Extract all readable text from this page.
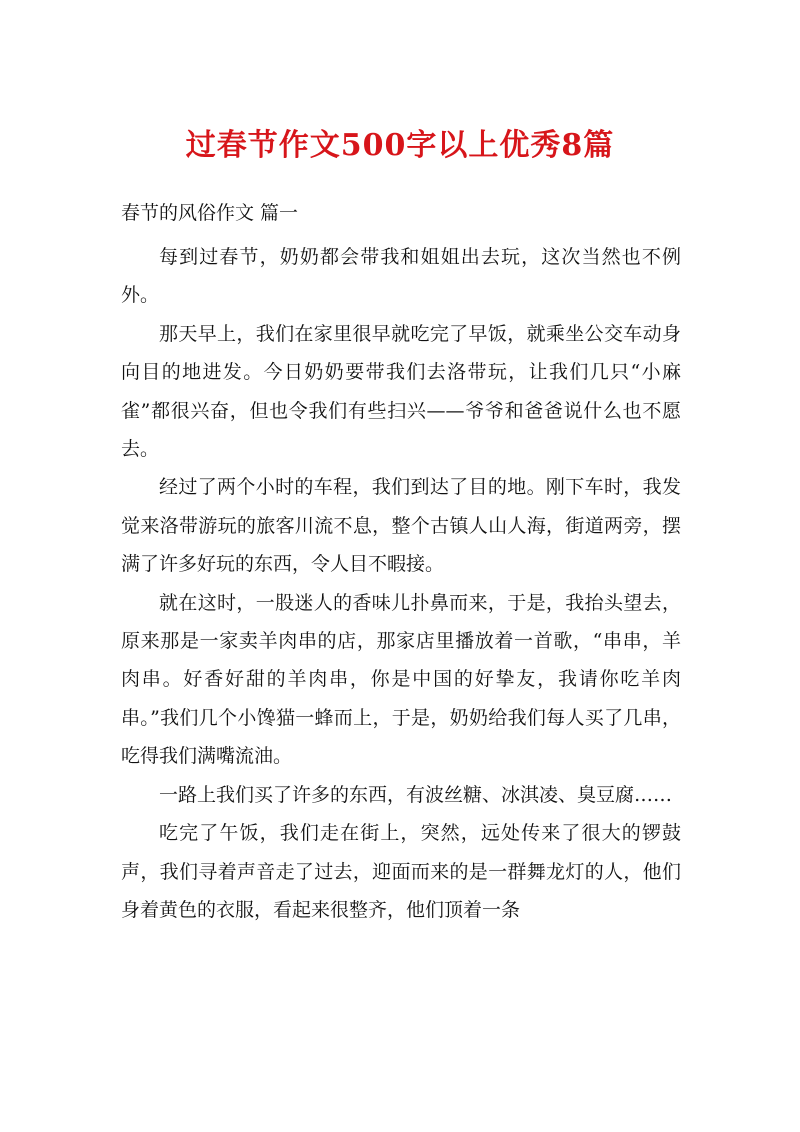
过春节作文500字以上优秀8篇

春节的风俗作文 篇一

每到过春节，奶奶都会带我和姐姐出去玩，这次当然也不例外。

那天早上，我们在家里很早就吃完了早饭，就乘坐公交车动身向目的地进发。今日奶奶要带我们去洛带玩，让我们几只“小麻雀”都很兴奋，但也令我们有些扫兴——爷爷和爸爸说什么也不愿去。

经过了两个小时的车程，我们到达了目的地。刚下车时，我发觉来洛带游玩的旅客川流不息，整个古镇人山人海，街道两旁，摆满了许多好玩的东西，令人目不暇接。

就在这时，一股迷人的香味儿扑鼻而来，于是，我抬头望去，原来那是一家卖羊肉串的店，那家店里播放着一首歌，“串串，羊肉串。好香好甜的羊肉串，你是中国的好挚友，我请你吃羊肉串。”我们几个小馋猫一蜂而上，于是，奶奶给我们每人买了几串，吃得我们满嘴流油。

一路上我们买了许多的东西，有波丝糖、冰淇凌、臭豆腐……

吃完了午饭，我们走在街上，突然，远处传来了很大的锣鼓声，我们寻着声音走了过去，迎面而来的是一群舞龙灯的人，他们身着黄色的衣服，看起来很整齐，他们顶着一条
